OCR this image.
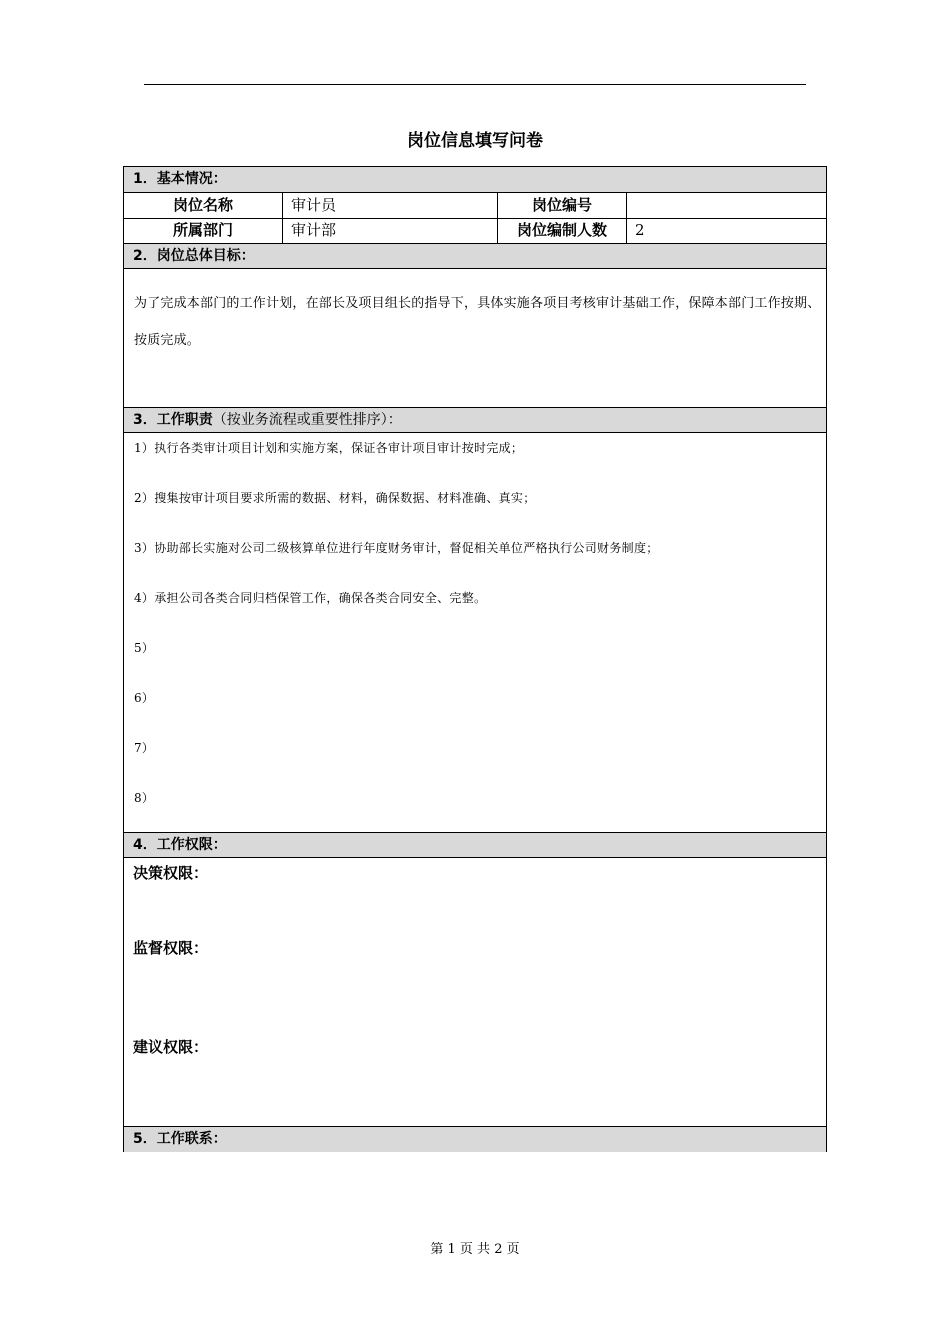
岗位信息填写问卷
1．基本情况：
岗位名称	审计员	岗位编号
所属部门	审计部	岗位编制人数	2
2．岗位总体目标：
为了完成本部门的工作计划，在部长及项目组长的指导下，具体实施各项目考核审计基础工作，保障本部门工作按期、按质完成。
3．工作职责（按业务流程或重要性排序）：
1）执行各类审计项目计划和实施方案，保证各审计项目审计按时完成；
2）搜集按审计项目要求所需的数据、材料，确保数据、材料准确、真实；
3）协助部长实施对公司二级核算单位进行年度财务审计，督促相关单位严格执行公司财务制度；
4）承担公司各类合同归档保管工作，确保各类合同安全、完整。
5）
6）
7）
8）
4．工作权限：
决策权限：
监督权限：
建议权限：
5．工作联系：
第 1 页 共 2 页
